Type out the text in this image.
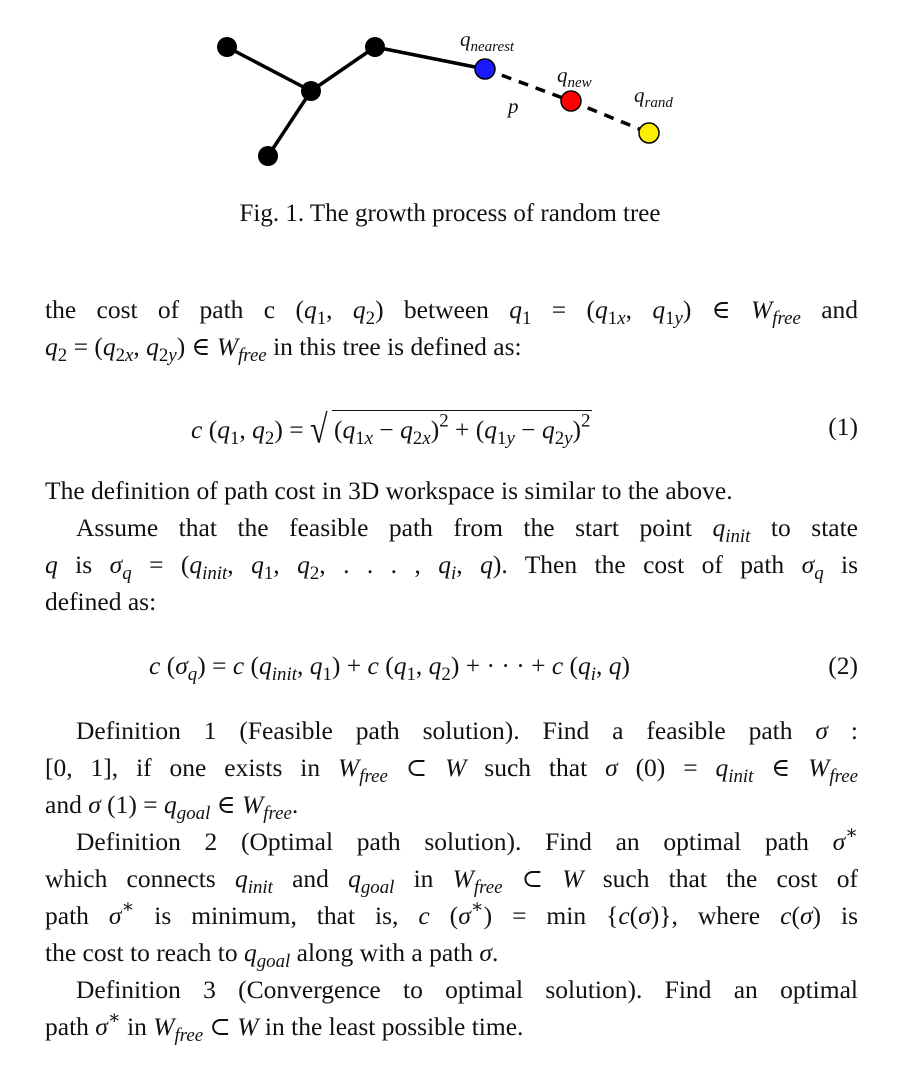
$q_{nearest}$
$q_{new}$ $q_{rand}$
p
Fig. 1. The growth process of random tree
the cost of path c ($q_1$, $q_2$) between $q_1 = (q_{1x}$, $q_{1y}$) ∈ $W_{free}$ and
$q_2 = (q_{2x}$, $q_{2y}$) ∈ $W_{free}$ in this tree is defined as:
c ($q_1$, $q_2$) = √ $(q_{1x} - q_{2x})^2 + (q_{1y} - q_{2y})^2$	(1)
The definition of path cost in 3D workspace is similar to the above.
Assume that the feasible path from the start point $q_{init}$ to state
q is $\sigma_q = (q_{init}$, $q_1$, $q_2$, . . . , $q_i$, q). Then the cost of path $\sigma_q$ is
defined as:
c $(\sigma_q) = c$ ($q_{init}$, $q_1) + c$ ($q_1$, $q_2$) + · · · + c ($q_i$, q)	(2)
Definition 1 (Feasible path solution). Find a feasible path σ :
[0, 1], if one exists in $W_{free}$ ⊂ W such that σ $(0) = q_{init}$ ∈ $W_{free}$
and σ $(1) = q_{goal}$ ∈ $W_{free}$.
Definition 2 (Optimal path solution). Find an optimal path σ∗
which connects $q_{init}$ and $q_{goal}$ in $W_{free}$ ⊂ W such that the cost of
path σ∗ is minimum, that is, c (σ∗) = min {c(σ)}, where c(σ) is
the cost to reach to $q_{goal}$ along with a path σ.
Definition 3 (Convergence to optimal solution). Find an optimal
path σ∗ in $W_{free}$ ⊂ W in the least possible time.
